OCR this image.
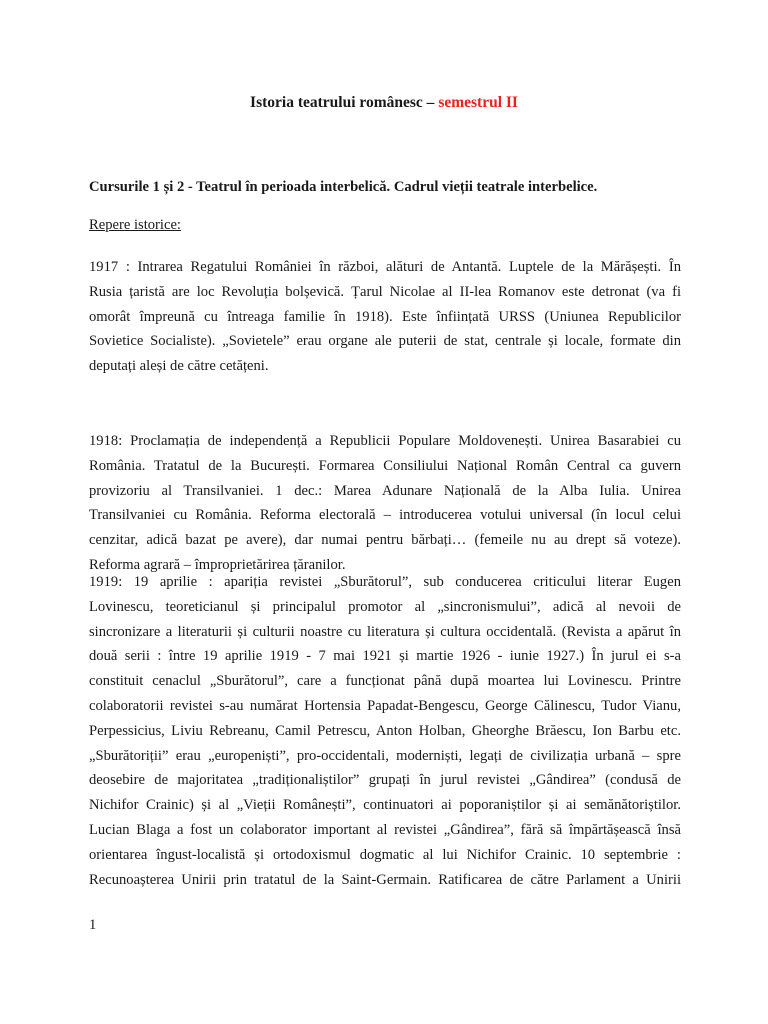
Istoria teatrului românesc – semestrul II
Cursurile 1 și 2 - Teatrul în perioada interbelică. Cadrul vieții teatrale interbelice.
Repere istorice:
1917 : Intrarea Regatului României în război, alături de Antantă. Luptele de la Mărășești. În
Rusia țaristă are loc Revoluția bolșevică. Țarul Nicolae al II-lea Romanov este detronat (va fi
omorât împreună cu întreaga familie în 1918). Este înființată URSS (Uniunea Republicilor
Sovietice Socialiste). „Sovietele” erau organe ale puterii de stat, centrale și locale, formate din
deputați aleși de către cetățeni.
1918: Proclamația de independență a Republicii Populare Moldovenești. Unirea Basarabiei cu
România. Tratatul de la București. Formarea Consiliului Național Român Central ca guvern
provizoriu al Transilvaniei. 1 dec.: Marea Adunare Națională de la Alba Iulia. Unirea
Transilvaniei cu România. Reforma electorală – introducerea votului universal (în locul celui
cenzitar, adică bazat pe avere), dar numai pentru bărbați… (femeile nu au drept să voteze).
Reforma agrară – împroprietărirea țăranilor.
1919: 19 aprilie : apariția revistei „Sburătorul”, sub conducerea criticului literar Eugen
Lovinescu, teoreticianul și principalul promotor al „sincronismului”, adică al nevoii de
sincronizare a literaturii și culturii noastre cu literatura și cultura occidentală. (Revista a apărut în
două serii : între 19 aprilie 1919 - 7 mai 1921 și martie 1926 - iunie 1927.) În jurul ei s-a
constituit cenaclul „Sburătorul”, care a funcționat până după moartea lui Lovinescu. Printre
colaboratorii revistei s-au numărat Hortensia Papadat-Bengescu, George Călinescu, Tudor Vianu,
Perpessicius, Liviu Rebreanu, Camil Petrescu, Anton Holban, Gheorghe Brăescu, Ion Barbu etc.
„Sburătoriții” erau „europeniști”, pro-occidentali, moderniști, legați de civilizația urbană – spre
deosebire de majoritatea „tradiționaliștilor” grupați în jurul revistei „Gândirea” (condusă de
Nichifor Crainic) și al „Vieții Românești”, continuatori ai poporaniștilor și ai semănătoriștilor.
Lucian Blaga a fost un colaborator important al revistei „Gândirea”, fără să împărtășească însă
orientarea îngust-localistă și ortodoxismul dogmatic al lui Nichifor Crainic. 10 septembrie :
Recunoașterea Unirii prin tratatul de la Saint-Germain. Ratificarea de către Parlament a Unirii
1
